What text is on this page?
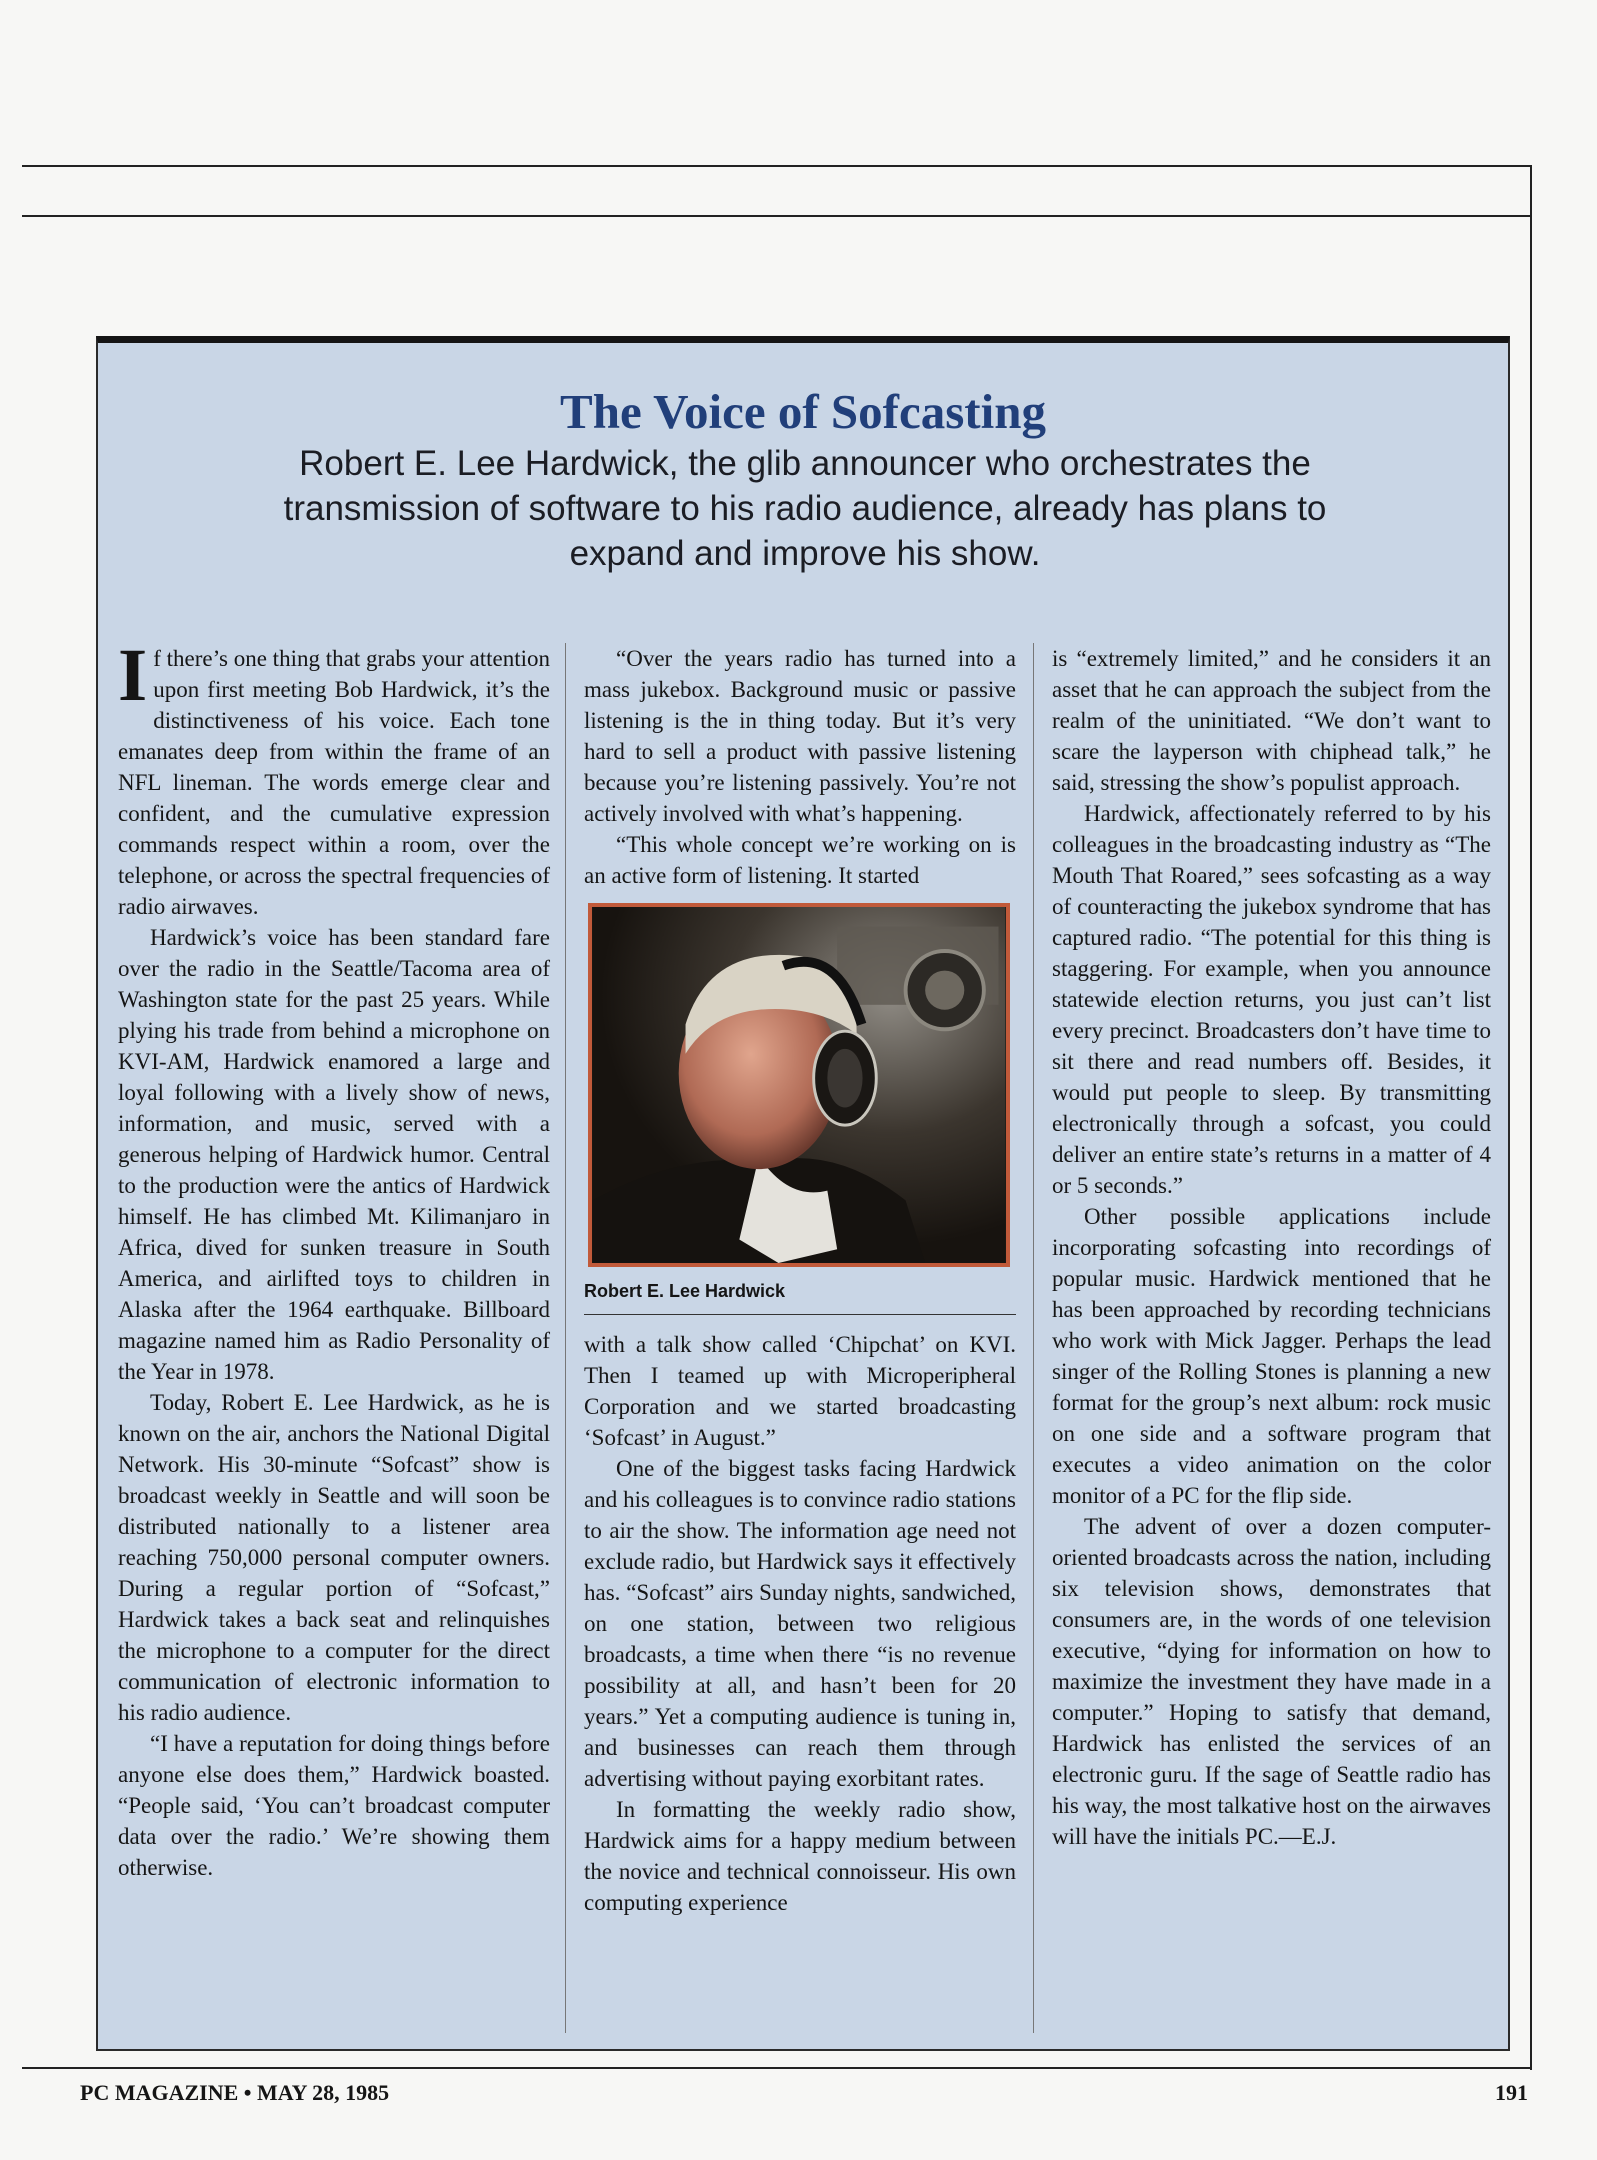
The Voice of Sofcasting
Robert E. Lee Hardwick, the glib announcer who orchestrates the transmission of software to his radio audience, already has plans to expand and improve his show.

If there’s one thing that grabs your attention upon first meeting Bob Hardwick, it’s the distinctiveness of his voice. Each tone emanates deep from within the frame of an NFL lineman. The words emerge clear and confident, and the cumulative expression commands respect within a room, over the telephone, or across the spectral frequencies of radio airwaves.

Hardwick’s voice has been standard fare over the radio in the Seattle/Tacoma area of Washington state for the past 25 years. While plying his trade from behind a microphone on KVI-AM, Hardwick enamored a large and loyal following with a lively show of news, information, and music, served with a generous helping of Hardwick humor. Central to the production were the antics of Hardwick himself. He has climbed Mt. Kilimanjaro in Africa, dived for sunken treasure in South America, and airlifted toys to children in Alaska after the 1964 earthquake. Billboard magazine named him as Radio Personality of the Year in 1978.

Today, Robert E. Lee Hardwick, as he is known on the air, anchors the National Digital Network. His 30-minute “Sofcast” show is broadcast weekly in Seattle and will soon be distributed nationally to a listener area reaching 750,000 personal computer owners. During a regular portion of “Sofcast,” Hardwick takes a back seat and relinquishes the microphone to a computer for the direct communication of electronic information to his radio audience.

“I have a reputation for doing things before anyone else does them,” Hardwick boasted. “People said, ‘You can’t broadcast computer data over the radio.’ We’re showing them otherwise.

“Over the years radio has turned into a mass jukebox. Background music or passive listening is the in thing today. But it’s very hard to sell a product with passive listening because you’re listening passively. You’re not actively involved with what’s happening.

“This whole concept we’re working on is an active form of listening. It started

Robert E. Lee Hardwick

with a talk show called ‘Chipchat’ on KVI. Then I teamed up with Microperipheral Corporation and we started broadcasting ‘Sofcast’ in August.”

One of the biggest tasks facing Hardwick and his colleagues is to convince radio stations to air the show. The information age need not exclude radio, but Hardwick says it effectively has. “Sofcast” airs Sunday nights, sandwiched, on one station, between two religious broadcasts, a time when there “is no revenue possibility at all, and hasn’t been for 20 years.” Yet a computing audience is tuning in, and businesses can reach them through advertising without paying exorbitant rates.

In formatting the weekly radio show, Hardwick aims for a happy medium between the novice and technical connoisseur. His own computing experience

is “extremely limited,” and he considers it an asset that he can approach the subject from the realm of the uninitiated. “We don’t want to scare the layperson with chiphead talk,” he said, stressing the show’s populist approach.

Hardwick, affectionately referred to by his colleagues in the broadcasting industry as “The Mouth That Roared,” sees sofcasting as a way of counteracting the jukebox syndrome that has captured radio. “The potential for this thing is staggering. For example, when you announce statewide election returns, you just can’t list every precinct. Broadcasters don’t have time to sit there and read numbers off. Besides, it would put people to sleep. By transmitting electronically through a sofcast, you could deliver an entire state’s returns in a matter of 4 or 5 seconds.”

Other possible applications include incorporating sofcasting into recordings of popular music. Hardwick mentioned that he has been approached by recording technicians who work with Mick Jagger. Perhaps the lead singer of the Rolling Stones is planning a new format for the group’s next album: rock music on one side and a software program that executes a video animation on the color monitor of a PC for the flip side.

The advent of over a dozen computer-oriented broadcasts across the nation, including six television shows, demonstrates that consumers are, in the words of one television executive, “dying for information on how to maximize the investment they have made in a computer.” Hoping to satisfy that demand, Hardwick has enlisted the services of an electronic guru. If the sage of Seattle radio has his way, the most talkative host on the airwaves will have the initials PC.—E.J.

PC MAGAZINE • MAY 28, 1985	191
